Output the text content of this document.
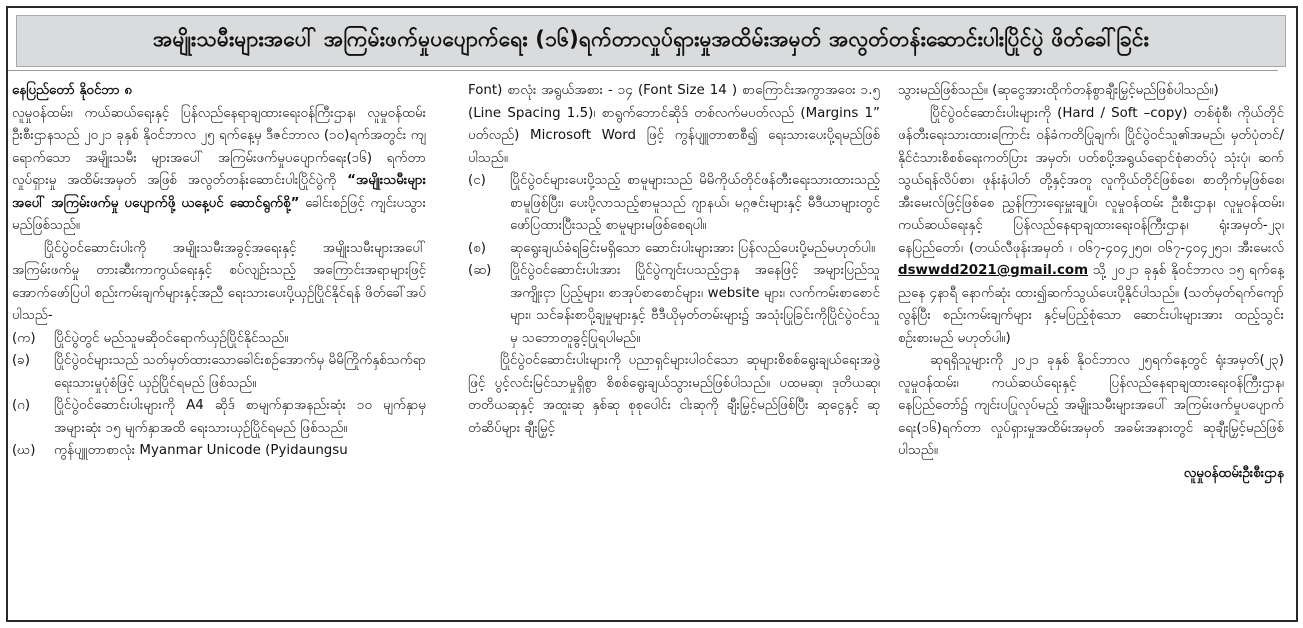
အမျိုးသမီးများအပေါ် အကြမ်းဖက်မှုပပျောက်ရေး (၁၆)ရက်တာလှုပ်ရှားမှုအထိမ်းအမှတ် အလွတ်တန်းဆောင်းပါးပြိုင်ပွဲ ဖိတ်ခေါ်ခြင်း

နေပြည်တော် နိုဝင်ဘာ ၈

လူမှုဝန်ထမ်း၊ ကယ်ဆယ်ရေးနှင့် ပြန်လည်နေရာချထားရေးဝန်ကြီးဌာန၊ လူမှုဝန်ထမ်းဦးစီးဌာနသည် ၂၀၂၁ ခုနှစ် နိုဝင်ဘာလ ၂၅ ရက်နေ့မှ ဒီဇင်ဘာလ (၁၀)ရက်အတွင်း ကျရောက်သော အမျိုးသမီး များအပေါ် အကြမ်းဖက်မှုပပျောက်ရေး(၁၆) ရက်တာလှုပ်ရှားမှု အထိမ်းအမှတ် အဖြစ် အလွတ်တန်းဆောင်းပါးပြိုင်ပွဲကို “အမျိုးသမီးများအပေါ် အကြမ်းဖက်မှု ပပျောက်ဖို့ ယနေ့ပင် ဆောင်ရွက်စို့” ခေါင်းစဉ်ဖြင့် ကျင်းပသွားမည်ဖြစ်သည်။

ပြိုင်ပွဲဝင်ဆောင်းပါးကို အမျိုးသမီးအခွင့်အရေးနှင့် အမျိုးသမီးများအပေါ် အကြမ်းဖက်မှု တားဆီးကာကွယ်ရေးနှင့် စပ်လျဉ်းသည့် အကြောင်းအရာများဖြင့် အောက်ဖော်ပြပါ စည်းကမ်းချက်များနှင့်အညီ ရေးသားပေးပို့ယှဉ်ပြိုင်နိုင်ရန် ဖိတ်ခေါ်အပ်ပါသည်-

(က)	ပြိုင်ပွဲတွင် မည်သူမဆိုဝင်ရောက်ယှဉ်ပြိုင်နိုင်သည်။
(ခ)	ပြိုင်ပွဲဝင်များသည် သတ်မှတ်ထားသောခေါင်းစဉ်အောက်မှ မိမိကြိုက်နှစ်သက်ရာ ရေးသားမှုပုံစံဖြင့် ယှဉ်ပြိုင်ရမည် ဖြစ်သည်။
(ဂ)	ပြိုင်ပွဲဝင်ဆောင်းပါးများကို A4 ဆိုဒ် စာမျက်နှာအနည်းဆုံး ၁၀ မျက်နှာမှ အများဆုံး ၁၅ မျက်နှာအထိ ရေးသားယှဉ်ပြိုင်ရမည် ဖြစ်သည်။
(ဃ)	ကွန်ပျူတာစာလုံး Myanmar Unicode (Pyidaungsu

Font) စာလုံး အရွယ်အစား - ၁၄ (Font Size 14 ) စာကြောင်းအကွာအဝေး ၁.၅ (Line Spacing 1.5)၊ စာရွက်ဘောင်ဆိုဒ် တစ်လက်မပတ်လည် (Margins 1” ပတ်လည်) Microsoft Word ဖြင့် ကွန်ပျူတာစာစီ၍ ရေးသားပေးပို့ရမည်ဖြစ်ပါသည်။

(င)	ပြိုင်ပွဲဝင်များပေးပို့သည့် စာမူများသည် မိမိကိုယ်တိုင်ဖန်တီးရေးသားထားသည့် စာမူဖြစ်ပြီး၊ ပေးပို့လာသည့်စာမူသည် ဂျာနယ်၊ မဂ္ဂဇင်းများနှင့် မီဒီယာများတွင် ဖော်ပြထားပြီးသည့် စာမူများမဖြစ်စေရပါ။
(စ)	ဆုရွေးချယ်ခံရခြင်းမရှိသော ဆောင်းပါးများအား ပြန်လည်ပေးပို့မည်မဟုတ်ပါ။
(ဆ)	ပြိုင်ပွဲဝင်ဆောင်းပါးအား ပြိုင်ပွဲကျင်းပသည့်ဌာန အနေဖြင့် အများပြည်သူ အကျိုးငှာ ပြည့်များ၊ စာအုပ်စာစောင်များ၊ website များ၊ လက်ကမ်းစာစောင်များ၊ သင်ခန်းစာပို့ချမှုများနှင့် ဗီဒီယိုမှတ်တမ်းများ၌ အသုံးပြုခြင်းကိုပြိုင်ပွဲဝင်သူမှ သဘောတူခွင့်ပြုရပါမည်။

ပြိုင်ပွဲဝင်ဆောင်းပါးများကို ပညာရှင်များပါဝင်သော ဆုများစိစစ်ရွေးချယ်ရေးအဖွဲ့ဖြင့် ပွင့်လင်းမြင်သာမှုရှိစွာ စိစစ်ရွေးချယ်သွားမည်ဖြစ်ပါသည်။ ပထမဆု၊ ဒုတိယဆု၊ တတိယဆုနှင့် အထူးဆု နှစ်ဆု စုစုပေါင်း ငါးဆုကို ချီးမြှင့်မည်ဖြစ်ပြီး ဆုငွေနှင့် ဆုတံဆိပ်များ ချီးမြှင့်

သွားမည်ဖြစ်သည်။ (ဆုငွေအားထိုက်တန်စွာချီးမြှင့်မည်ဖြစ်ပါသည်။)

ပြိုင်ပွဲဝင်ဆောင်းပါးများကို (Hard / Soft –copy) တစ်စုံစီ၊ ကိုယ်တိုင်ဖန်တီးရေးသားထားကြောင်း ဝန်ခံကတိပြုချက်၊ ပြိုင်ပွဲဝင်သူ၏အမည်၊ မှတ်ပုံတင်/နိုင်ငံသားစိစစ်ရေးကတ်ပြား အမှတ်၊ ပတ်စပို့အရွယ်ရောင်စုံဓာတ်ပုံ သုံးပုံ၊ ဆက်သွယ်ရန်လိပ်စာ၊ ဖုန်းနံပါတ် တို့နှင့်အတူ လူကိုယ်တိုင်ဖြစ်စေ၊ စာတိုက်မှဖြစ်စေ၊ အီးမေးလ်ဖြင့်ဖြစ်စေ ညွှန်ကြားရေးမှူးချုပ်၊ လူမှုဝန်ထမ်း ဦးစီးဌာန၊ လူမှုဝန်ထမ်း၊ ကယ်ဆယ်ရေးနှင့် ပြန်လည်နေရာချထားရေးဝန်ကြီးဌာန၊ ရုံးအမှတ်-၂၃၊ နေပြည်တော်၊ (တယ်လီဖုန်းအမှတ် ၊ ၀၆၇-၄၀၄၂၅၀၊ ၀၆၇-၄၀၄၂၅၁၊ အီးမေးလ် dswwdd2021@gmail.com သို့ ၂၀၂၁ ခုနှစ် နိုဝင်ဘာလ ၁၅ ရက်နေ့ ညနေ ၄နာရီ နောက်ဆုံး ထား၍ဆက်သွယ်ပေးပို့နိုင်ပါသည်။ (သတ်မှတ်ရက်ကျော်လွန်ပြီး စည်းကမ်းချက်များ နှင့်မပြည့်စုံသော ဆောင်းပါးများအား ထည့်သွင်းစဉ်းစားမည် မဟုတ်ပါ။)

ဆုရရှိသူများကို ၂၀၂၁ ခုနှစ် နိုဝင်ဘာလ ၂၅ရက်နေ့တွင် ရုံးအမှတ်(၂၃) လူမှုဝန်ထမ်း၊ ကယ်ဆယ်ရေးနှင့် ပြန်လည်နေရာချထားရေးဝန်ကြီးဌာန၊ နေပြည်တော်၌ ကျင်းပပြုလုပ်မည့် အမျိုးသမီးများအပေါ် အကြမ်းဖက်မှုပပျောက်ရေး(၁၆)ရက်တာ လှုပ်ရှားမှုအထိမ်းအမှတ် အခမ်းအနားတွင် ဆုချီးမြှင့်မည်ဖြစ်ပါသည်။

လူမှုဝန်ထမ်းဦးစီးဌာန
